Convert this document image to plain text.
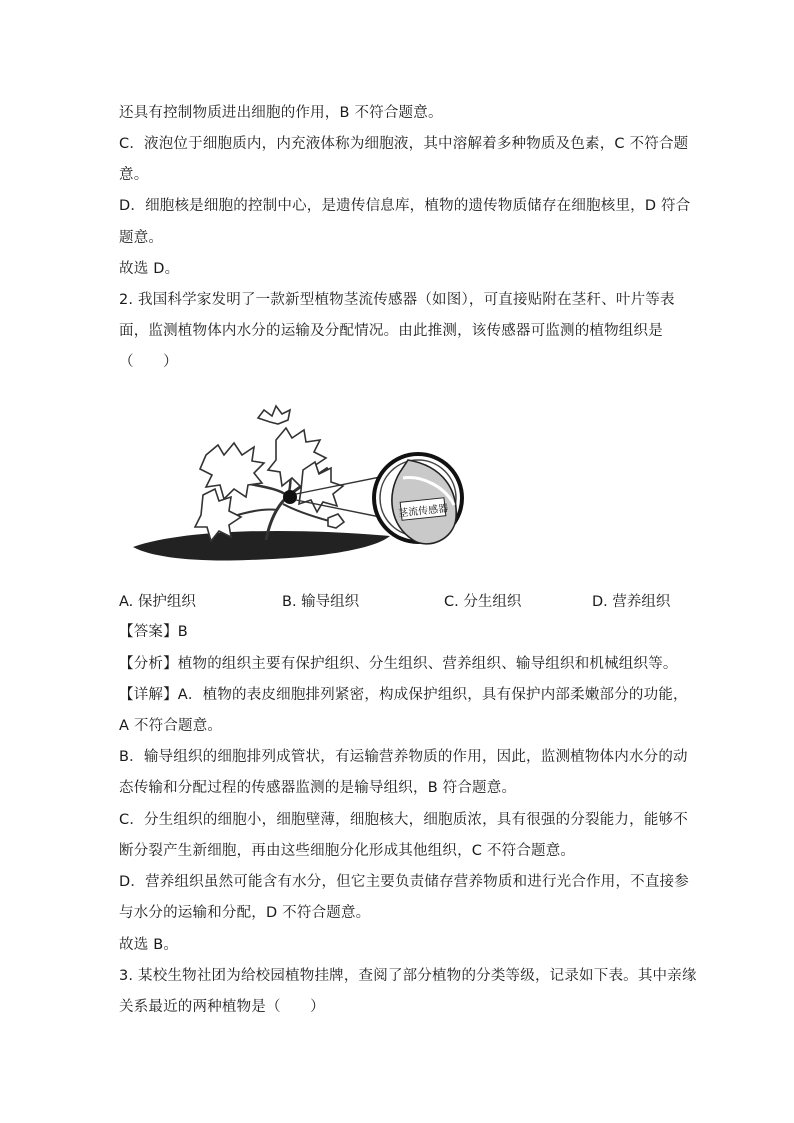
还具有控制物质进出细胞的作用，B 不符合题意。
C．液泡位于细胞质内，内充液体称为细胞液，其中溶解着多种物质及色素，C 不符合题
意。
D．细胞核是细胞的控制中心，是遗传信息库，植物的遗传物质储存在细胞核里，D 符合
题意。
故选 D。
2. 我国科学家发明了一款新型植物茎流传感器（如图），可直接贴附在茎秆、叶片等表
面，监测植物体内水分的运输及分配情况。由此推测，该传感器可监测的植物组织是
（　　）
茎流传感器
A. 保护组织	B. 输导组织	C. 分生组织	D. 营养组织
【答案】B
【分析】植物的组织主要有保护组织、分生组织、营养组织、输导组织和机械组织等。
【详解】A．植物的表皮细胞排列紧密，构成保护组织，具有保护内部柔嫩部分的功能，
A 不符合题意。
B．输导组织的细胞排列成管状，有运输营养物质的作用，因此，监测植物体内水分的动
态传输和分配过程的传感器监测的是输导组织，B 符合题意。
C．分生组织的细胞小，细胞壁薄，细胞核大，细胞质浓，具有很强的分裂能力，能够不
断分裂产生新细胞，再由这些细胞分化形成其他组织，C 不符合题意。
D．营养组织虽然可能含有水分，但它主要负责储存营养物质和进行光合作用，不直接参
与水分的运输和分配，D 不符合题意。
故选 B。
3. 某校生物社团为给校园植物挂牌，查阅了部分植物的分类等级，记录如下表。其中亲缘
关系最近的两种植物是（　　）
